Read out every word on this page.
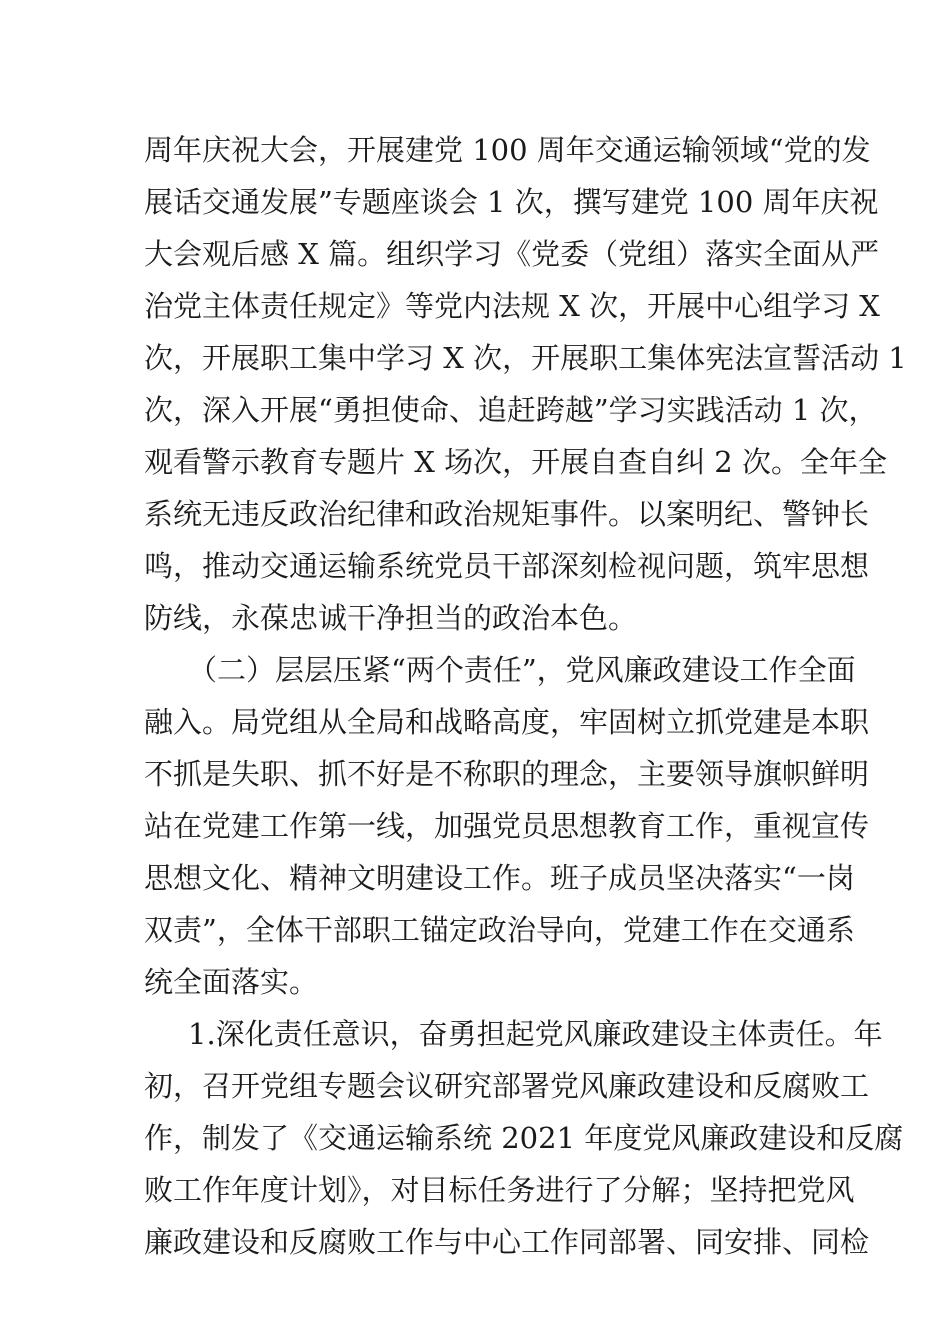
周年庆祝大会，开展建党 100 周年交通运输领域“党的发
展话交通发展”专题座谈会 1 次，撰写建党 100 周年庆祝
大会观后感 X 篇。组织学习《党委（党组）落实全面从严
治党主体责任规定》等党内法规 X 次，开展中心组学习 X
次，开展职工集中学习 X 次，开展职工集体宪法宣誓活动 1
次，深入开展“勇担使命、追赶跨越”学习实践活动 1 次，
观看警示教育专题片 X 场次，开展自查自纠 2 次。全年全
系统无违反政治纪律和政治规矩事件。以案明纪、警钟长
鸣，推动交通运输系统党员干部深刻检视问题，筑牢思想
防线，永葆忠诚干净担当的政治本色。
（二）层层压紧“两个责任”，党风廉政建设工作全面
融入。局党组从全局和战略高度，牢固树立抓党建是本职
不抓是失职、抓不好是不称职的理念，主要领导旗帜鲜明
站在党建工作第一线，加强党员思想教育工作，重视宣传
思想文化、精神文明建设工作。班子成员坚决落实“一岗
双责”，全体干部职工锚定政治导向，党建工作在交通系
统全面落实。
1.深化责任意识，奋勇担起党风廉政建设主体责任。年
初，召开党组专题会议研究部署党风廉政建设和反腐败工
作，制发了《交通运输系统 2021 年度党风廉政建设和反腐
败工作年度计划》，对目标任务进行了分解；坚持把党风
廉政建设和反腐败工作与中心工作同部署、同安排、同检
